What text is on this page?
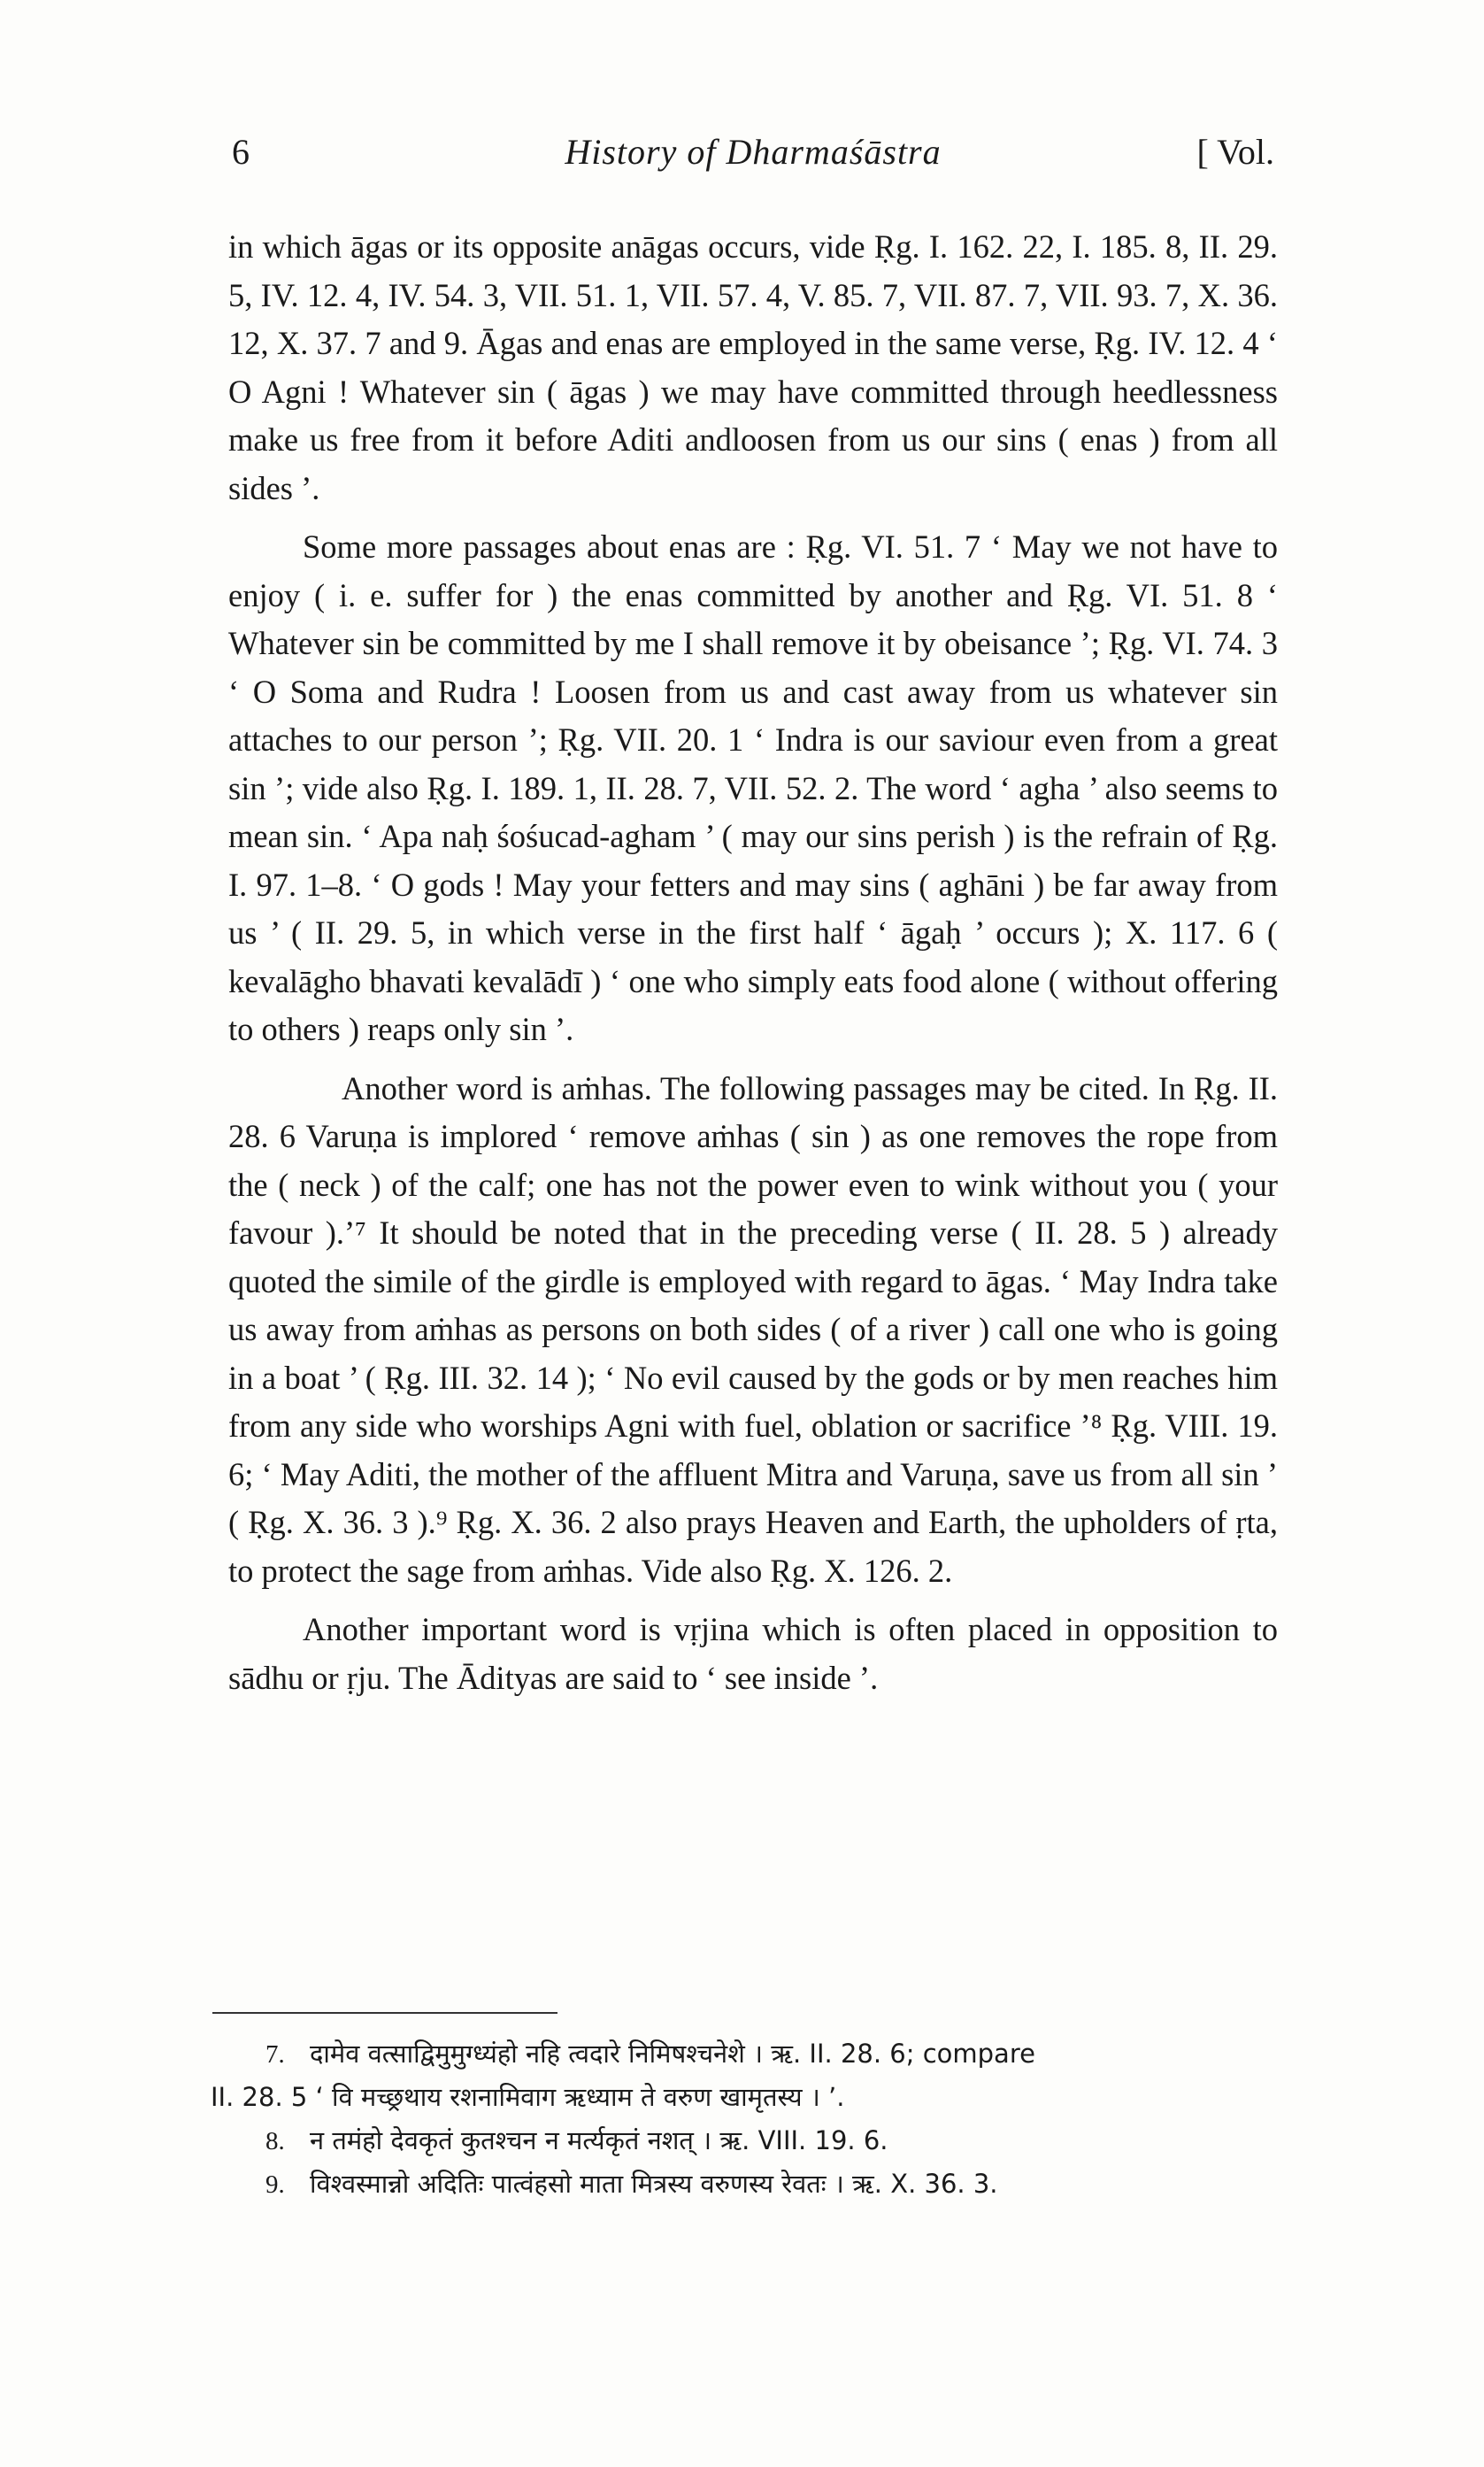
6	History of Dharmaśāstra	[ Vol.

in which āgas or its opposite anāgas occurs, vide Ṛg. I. 162. 22, I. 185. 8, II. 29. 5, IV. 12. 4, IV. 54. 3, VII. 51. 1, VII. 57. 4, V. 85. 7, VII. 87. 7, VII. 93. 7, X. 36. 12, X. 37. 7 and 9. Āgas and enas are employed in the same verse, Ṛg. IV. 12. 4 ‘ O Agni ! Whatever sin ( āgas ) we may have committed through heedlessness make us free from it before Aditi andloosen from us our sins ( enas ) from all sides ’.

Some more passages about enas are : Ṛg. VI. 51. 7 ‘ May we not have to enjoy ( i. e. suffer for ) the enas committed by another and Ṛg. VI. 51. 8 ‘ Whatever sin be committed by me I shall remove it by obeisance ’; Ṛg. VI. 74. 3 ‘ O Soma and Rudra ! Loosen from us and cast away from us whatever sin attaches to our person ’; Ṛg. VII. 20. 1 ‘ Indra is our saviour even from a great sin ’; vide also Ṛg. I. 189. 1, II. 28. 7, VII. 52. 2. The word ‘ agha ’ also seems to mean sin. ‘ Apa naḥ śośucad-agham ’ ( may our sins perish ) is the refrain of Ṛg. I. 97. 1–8. ‘ O gods ! May your fetters and may sins ( aghāni ) be far away from us ’ ( II. 29. 5, in which verse in the first half ‘ āgaḥ ’ occurs ); X. 117. 6 ( kevalāgho bhavati kevalādī ) ‘ one who simply eats food alone ( without offering to others ) reaps only sin ’.

Another word is aṁhas. The following passages may be cited. In Ṛg. II. 28. 6 Varuṇa is implored ‘ remove aṁhas ( sin ) as one removes the rope from the ( neck ) of the calf; one has not the power even to wink without you ( your favour ).’⁷ It should be noted that in the preceding verse ( II. 28. 5 ) already quoted the simile of the girdle is employed with regard to āgas. ‘ May Indra take us away from aṁhas as persons on both sides ( of a river ) call one who is going in a boat ’ ( Ṛg. III. 32. 14 ); ‘ No evil caused by the gods or by men reaches him from any side who worships Agni with fuel, oblation or sacrifice ’⁸ Ṛg. VIII. 19. 6; ‘ May Aditi, the mother of the affluent Mitra and Varuṇa, save us from all sin ’ ( Ṛg. X. 36. 3 ).⁹ Ṛg. X. 36. 2 also prays Heaven and Earth, the upholders of ṛta, to protect the sage from aṁhas. Vide also Ṛg. X. 126. 2.

Another important word is vṛjina which is often placed in opposition to sādhu or ṛju. The Ādityas are said to ‘ see inside ’.

7. दामेव वत्साद्विमुमुग्ध्यंहो नहि त्वदारे निमिषश्चनेशे । ऋ. II. 28. 6; compare

II. 28. 5 ‘ वि मच्छ्रथाय रशनामिवाग ऋध्याम ते वरुण खामृतस्य । ’.

8. न तमंहो देवकृतं कुतश्चन न मर्त्यकृतं नशत् । ऋ. VIII. 19. 6.

9. विश्वस्मान्नो अदितिः पात्वंहसो माता मित्रस्य वरुणस्य रेवतः । ऋ. X. 36. 3.
